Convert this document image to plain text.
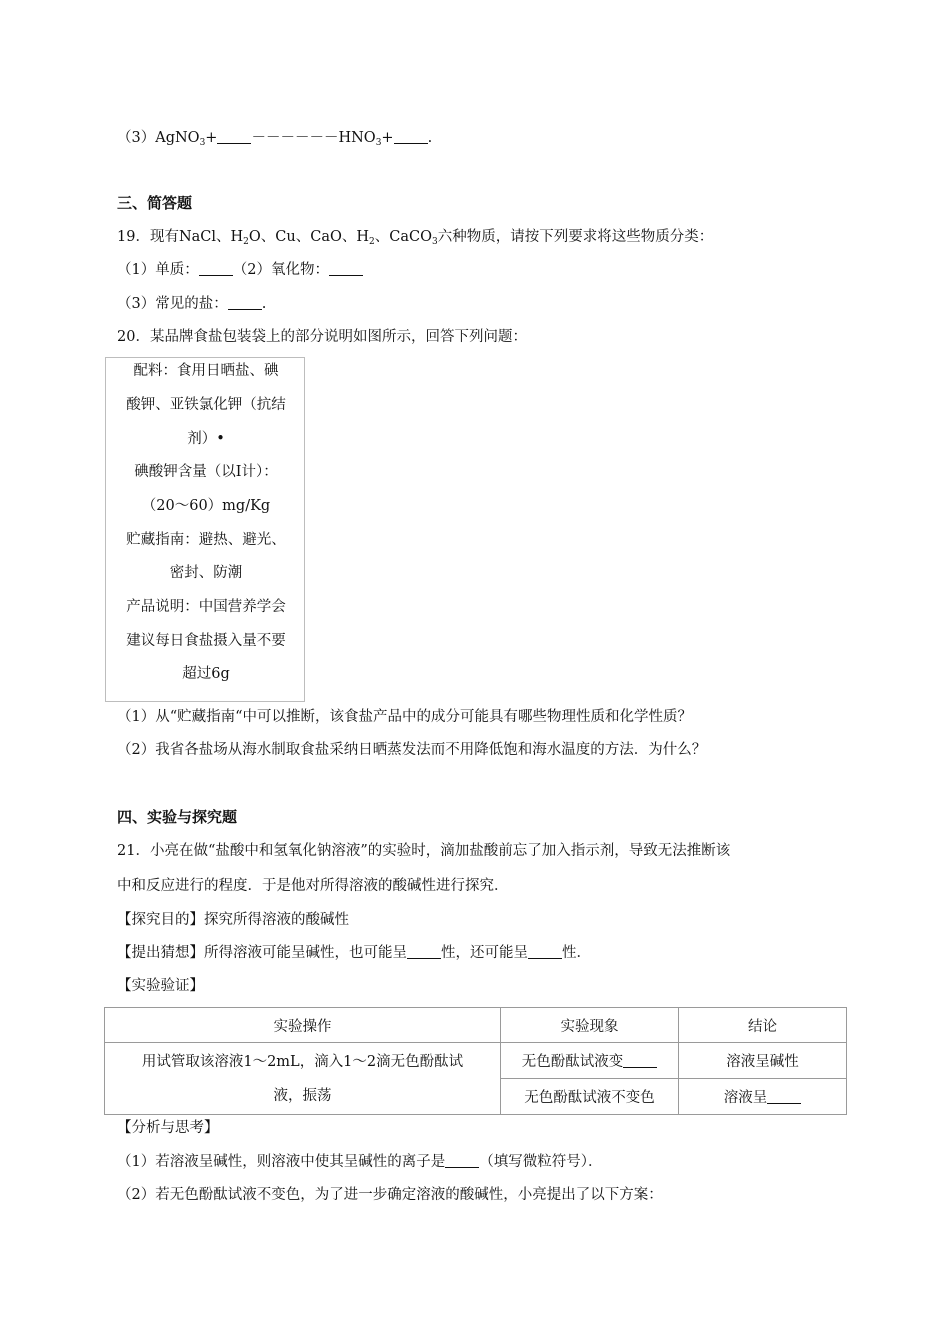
（3）AgNO$_3$+ $------HNO_3+$ .
三、简答题
19．现有NaCl、$H_2O$、Cu、CaO、$H_2$、CaCO$_3$六种物质，请按下列要求将这些物质分类：
（1）单质： （2）氧化物：
（3）常见的盐： .
20．某品牌食盐包装袋上的部分说明如图所示，回答下列问题：
配料：食用日晒盐、碘
酸钾、亚铁氯化钾（抗结
剂）•
碘酸钾含量（以Ⅰ计）：
（20～60）mg/Kg
贮藏指南：避热、避光、
密封、防潮
产品说明：中国营养学会
建议每日食盐摄入量不要
超过6g
（1）从“贮藏指南“中可以推断，该食盐产品中的成分可能具有哪些物理性质和化学性质？
（2）我省各盐场从海水制取食盐采纳日晒蒸发法而不用降低饱和海水温度的方法．为什么？
四、实验与探究题
21．小亮在做“盐酸中和氢氧化钠溶液”的实验时，滴加盐酸前忘了加入指示剂，导致无法推断该
中和反应进行的程度．于是他对所得溶液的酸碱性进行探究．
【探究目的】探究所得溶液的酸碱性
【提出猜想】所得溶液可能呈碱性，也可能呈 性，还可能呈 性．
【实验验证】
实验操作	实验现象	结论

用试管取该溶液1～2mL，滴入1～2滴无色酚酞试
液，振荡	无色酚酞试液变	溶液呈碱性
	无色酚酞试液不变色	溶液呈
【分析与思考】
（1）若溶液呈碱性，则溶液中使其呈碱性的离子是 （填写微粒符号）．
（2）若无色酚酞试液不变色，为了进一步确定溶液的酸碱性，小亮提出了以下方案：
